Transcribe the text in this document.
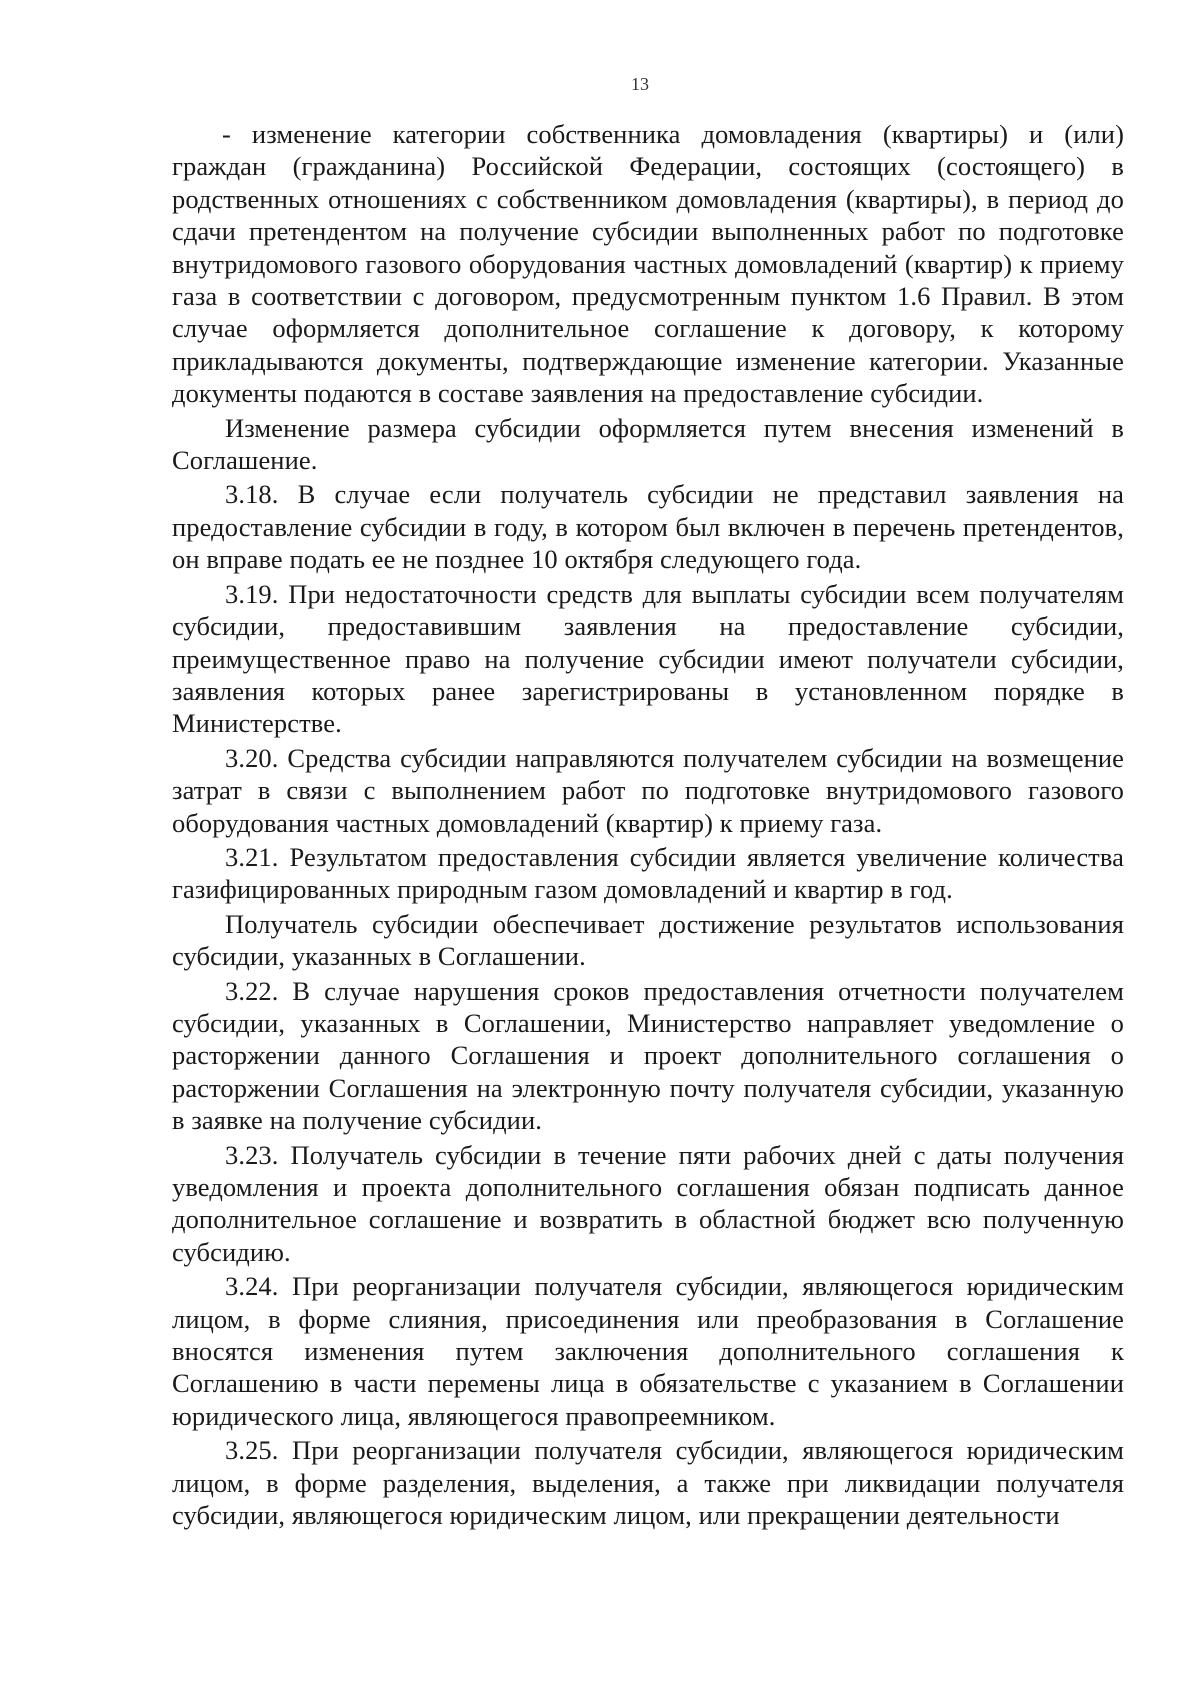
13

- изменение категории собственника домовладения (квартиры) и (или) граждан (гражданина) Российской Федерации, состоящих (состоящего) в родственных отношениях с собственником домовладения (квартиры), в период до сдачи претендентом на получение субсидии выполненных работ по подготовке внутридомового газового оборудования частных домовладений (квартир) к приему газа в соответствии с договором, предусмотренным пунктом 1.6 Правил. В этом случае оформляется дополнительное соглашение к договору, к которому прикладываются документы, подтверждающие изменение категории. Указанные документы подаются в составе заявления на предоставление субсидии.

Изменение размера субсидии оформляется путем внесения изменений в Соглашение.

3.18. В случае если получатель субсидии не представил заявления на предоставление субсидии в году, в котором был включен в перечень претендентов, он вправе подать ее не позднее 10 октября следующего года.

3.19. При недостаточности средств для выплаты субсидии всем получателям субсидии, предоставившим заявления на предоставление субсидии, преимущественное право на получение субсидии имеют получатели субсидии, заявления которых ранее зарегистрированы в установленном порядке в Министерстве.

3.20. Средства субсидии направляются получателем субсидии на возмещение затрат в связи с выполнением работ по подготовке внутридомового газового оборудования частных домовладений (квартир) к приему газа.

3.21. Результатом предоставления субсидии является увеличение количества газифицированных природным газом домовладений и квартир в год.

Получатель субсидии обеспечивает достижение результатов использования субсидии, указанных в Соглашении.

3.22. В случае нарушения сроков предоставления отчетности получателем субсидии, указанных в Соглашении, Министерство направляет уведомление о расторжении данного Соглашения и проект дополнительного соглашения о расторжении Соглашения на электронную почту получателя субсидии, указанную в заявке на получение субсидии.

3.23. Получатель субсидии в течение пяти рабочих дней с даты получения уведомления и проекта дополнительного соглашения обязан подписать данное дополнительное соглашение и возвратить в областной бюджет всю полученную субсидию.

3.24. При реорганизации получателя субсидии, являющегося юридическим лицом, в форме слияния, присоединения или преобразования в Соглашение вносятся изменения путем заключения дополнительного соглашения к Соглашению в части перемены лица в обязательстве с указанием в Соглашении юридического лица, являющегося правопреемником.

3.25. При реорганизации получателя субсидии, являющегося юридическим лицом, в форме разделения, выделения, а также при ликвидации получателя субсидии, являющегося юридическим лицом, или прекращении деятельности
